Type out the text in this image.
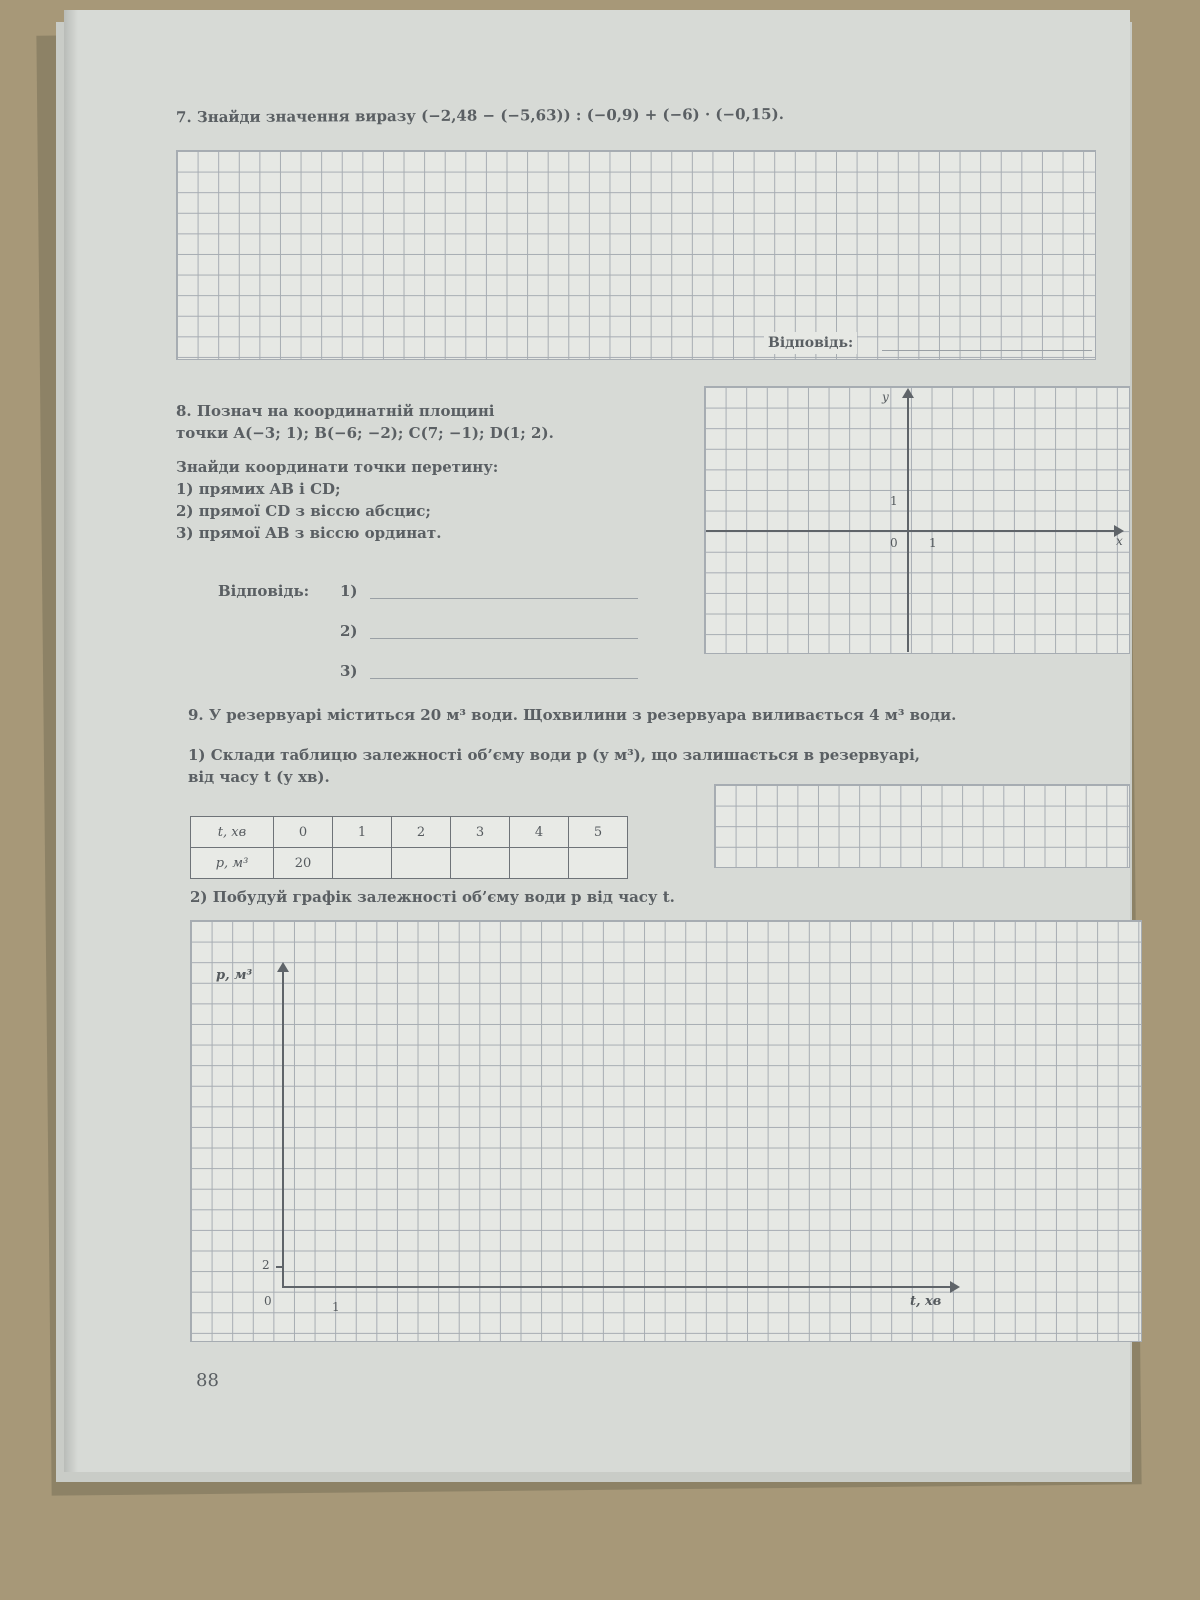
7. Знайди значення виразу (−2,48 − (−5,63)) : (−0,9) + (−6) · (−0,15).
Відповідь:
8. Познач на координатній площині
точки A(−3; 1); B(−6; −2); C(7; −1); D(1; 2).
Знайди координати точки перетину:
1) прямих AB і CD;
2) прямої CD з віссю абсцис;
3) прямої AB з віссю ординат.
Відповідь: 1)
2)
3)
y
x
0	1
1
9. У резервуарі міститься 20 м³ води. Щохвилини з резервуара виливається 4 м³ води.
1) Склади таблицю залежності об’єму води p (у м³), що залишається в резервуарі,
від часу t (у хв).
t, хв	0	1	2	3	4	5
p, м³	20					
2) Побудуй графік залежності об’єму води p від часу t.
p, м³
t, хв
0	1
2
88
